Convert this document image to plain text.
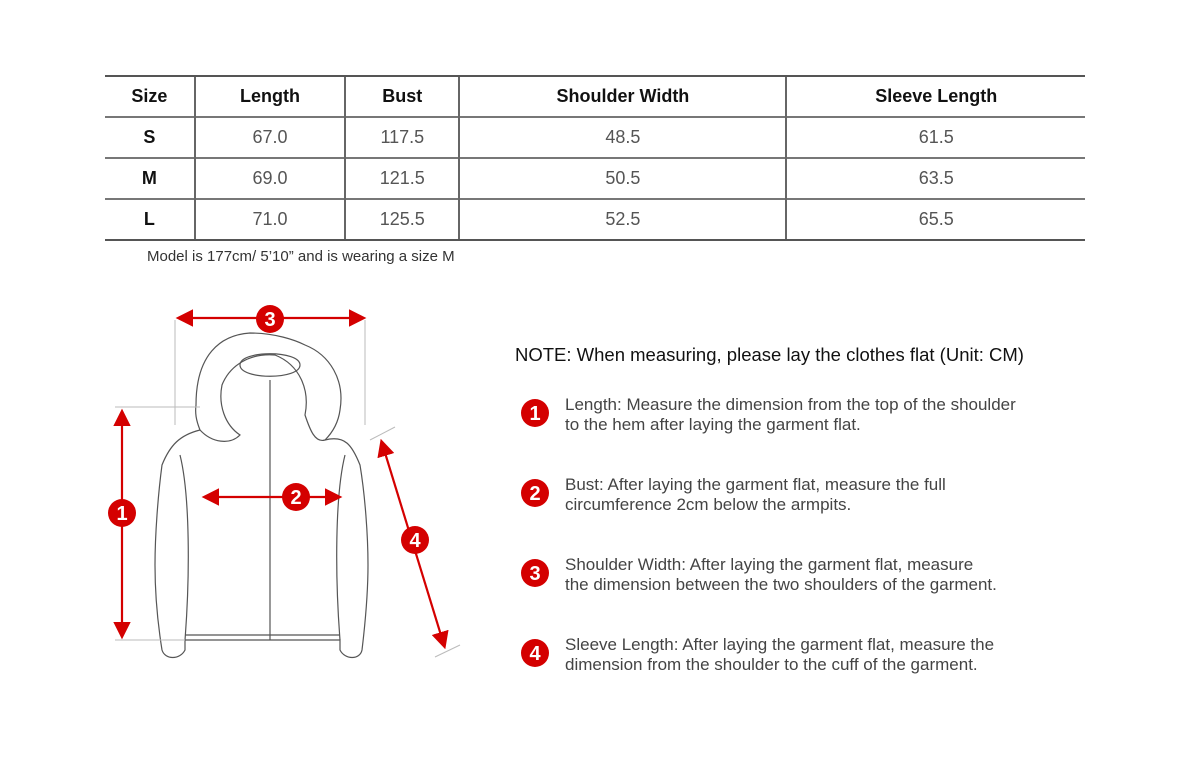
Size	Length	Bust	Shoulder Width	Sleeve Length
S	67.0	117.5	48.5	61.5
M	69.0	121.5	50.5	63.5
L	71.0	125.5	52.5	65.5
Model is 177cm/ 5’10” and is wearing a size M
1
2
3
4
NOTE: When measuring, please lay the clothes flat (Unit: CM)
1 Length: Measure the dimension from the top of the shoulder
to the hem after laying the garment flat.
2 Bust: After laying the garment flat, measure the full
circumference 2cm below the armpits.
3 Shoulder Width: After laying the garment flat, measure
the dimension between the two shoulders of the garment.
4 Sleeve Length: After laying the garment flat, measure the
dimension from the shoulder to the cuff of the garment.
